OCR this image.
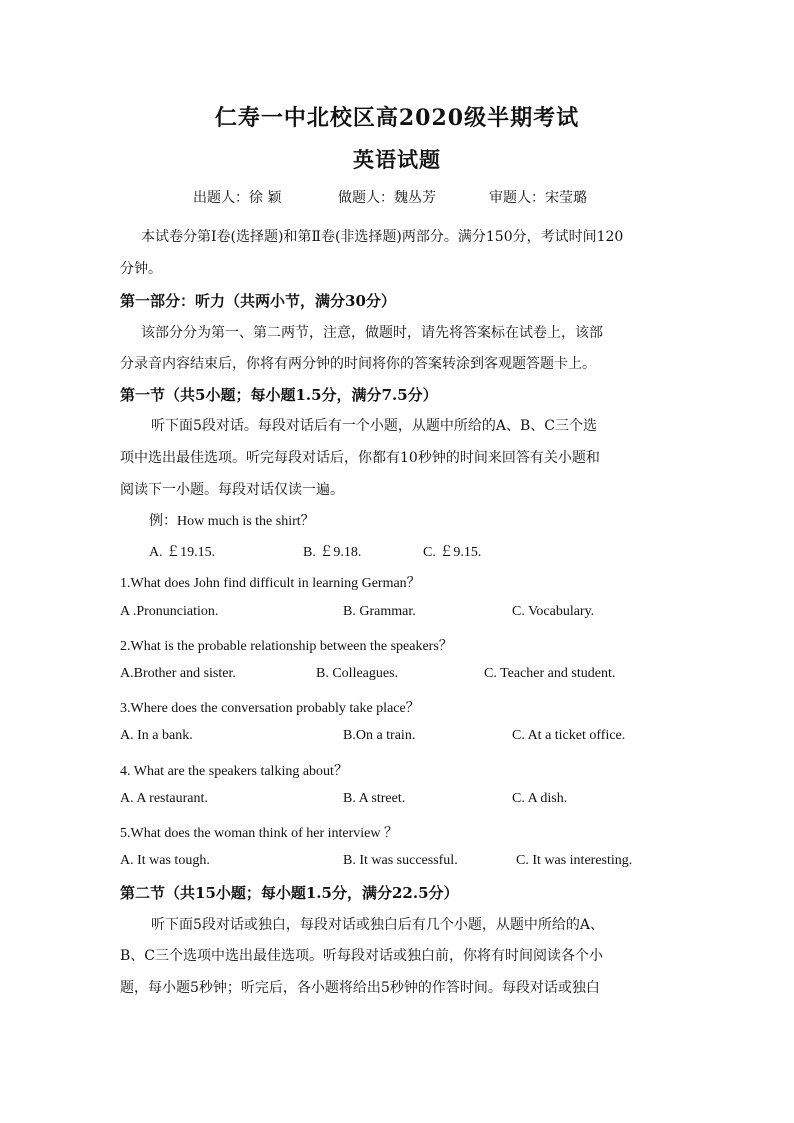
仁寿一中北校区高2020级半期考试
英语试题
出题人：徐 颖	做题人：魏丛芳	审题人：宋莹璐
本试卷分第Ⅰ卷(选择题)和第Ⅱ卷(非选择题)两部分。满分150分，考试时间120
分钟。
第一部分：听力（共两小节，满分30分）
该部分分为第一、第二两节，注意，做题时，请先将答案标在试卷上，该部
分录音内容结束后，你将有两分钟的时间将你的答案转涂到客观题答题卡上。
第一节（共5小题；每小题1.5分，满分7.5分）
听下面5段对话。每段对话后有一个小题，从题中所给的A、B、C三个选
项中选出最佳选项。听完每段对话后，你都有10秒钟的时间来回答有关小题和
阅读下一小题。每段对话仅读一遍。
例：How much is the shirt？
A. ￡19.15.	B. ￡9.18.	C. ￡9.15.
1.What does John find difficult in learning German？
A .Pronunciation.	B. Grammar.	C. Vocabulary.
2.What is the probable relationship between the speakers？
A.Brother and sister.	B. Colleagues.	C. Teacher and student.
3.Where does the conversation probably take place？
A. In a bank.	B.On a train.	C. At a ticket office.
4. What are the speakers talking about？
A. A restaurant.	B. A street.	C. A dish.
5.What does the woman think of her interview ？
A. It was tough.	B. It was successful.	C. It was interesting.
第二节（共15小题；每小题1.5分，满分22.5分）
听下面5段对话或独白，每段对话或独白后有几个小题，从题中所给的A、
B、C三个选项中选出最佳选项。听每段对话或独白前，你将有时间阅读各个小
题，每小题5秒钟；听完后，各小题将给出5秒钟的作答时间。每段对话或独白
